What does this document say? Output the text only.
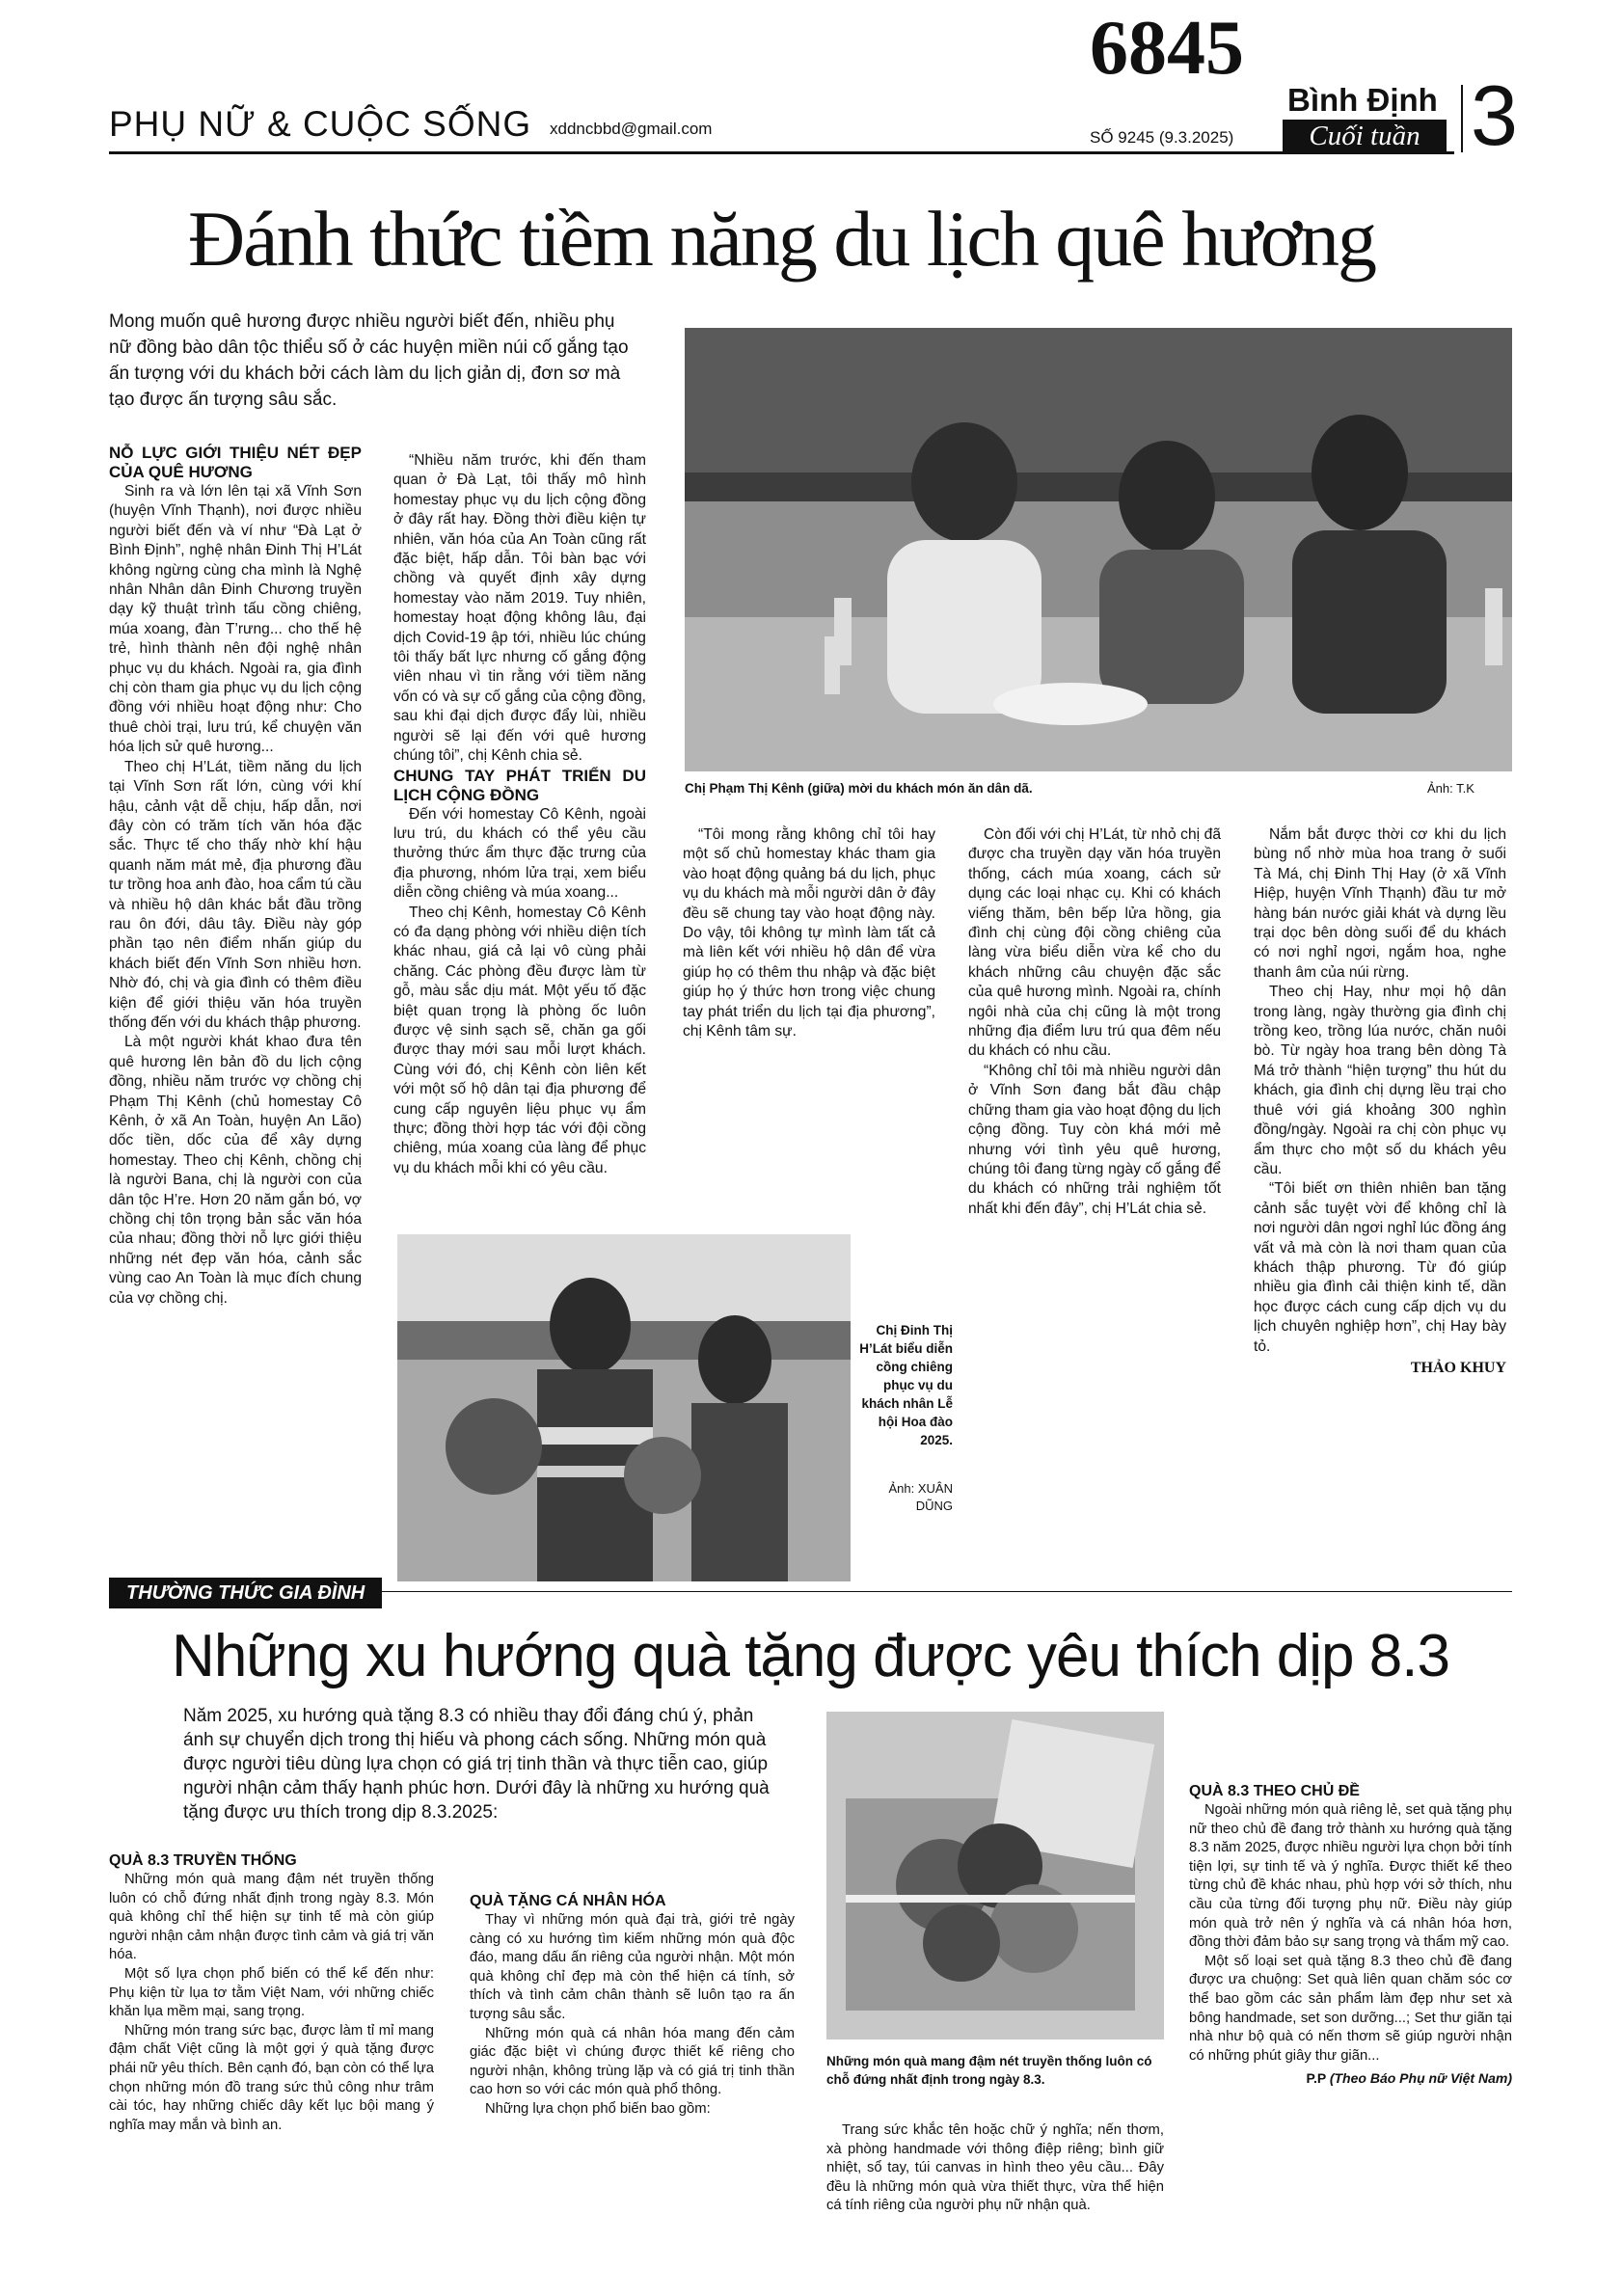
PHỤ NỮ & CUỘC SỐNG xddncbbd@gmail.com
6845
SỐ 9245 (9.3.2025)
Bình Định
Cuối tuần 3
Đánh thức tiềm năng du lịch quê hương
Mong muốn quê hương được nhiều người biết đến, nhiều phụ nữ đồng bào dân tộc thiểu số ở các huyện miền núi cố gắng tạo ấn tượng với du khách bởi cách làm du lịch giản dị, đơn sơ mà tạo được ấn tượng sâu sắc.
Chị Phạm Thị Kênh (giữa) mời du khách món ăn dân dã.	Ảnh: T.K

NỖ LỰC GIỚI THIỆU NÉT ĐẸP CỦA QUÊ HƯƠNG

Sinh ra và lớn lên tại xã Vĩnh Sơn (huyện Vĩnh Thạnh), nơi được nhiều người biết đến và ví như “Đà Lạt ở Bình Định”, nghệ nhân Đinh Thị H’Lát không ngừng cùng cha mình là Nghệ nhân Nhân dân Đinh Chương truyền dạy kỹ thuật trình tấu cồng chiêng, múa xoang, đàn T’rưng... cho thế hệ trẻ, hình thành nên đội nghệ nhân phục vụ du khách. Ngoài ra, gia đình chị còn tham gia phục vụ du lịch cộng đồng với nhiều hoạt động như: Cho thuê chòi trại, lưu trú, kể chuyện văn hóa lịch sử quê hương...

Theo chị H’Lát, tiềm năng du lịch tại Vĩnh Sơn rất lớn, cùng với khí hậu, cảnh vật dễ chịu, hấp dẫn, nơi đây còn có trăm tích văn hóa đặc sắc. Thực tế cho thấy nhờ khí hậu quanh năm mát mẻ, địa phương đầu tư trồng hoa anh đào, hoa cẩm tú cầu và nhiều hộ dân khác bắt đầu trồng rau ôn đới, dâu tây. Điều này góp phần tạo nên điểm nhấn giúp du khách biết đến Vĩnh Sơn nhiều hơn. Nhờ đó, chị và gia đình có thêm điều kiện để giới thiệu văn hóa truyền thống đến với du khách thập phương.

Là một người khát khao đưa tên quê hương lên bản đồ du lịch cộng đồng, nhiều năm trước vợ chồng chị Phạm Thị Kênh (chủ homestay Cô Kênh, ở xã An Toàn, huyện An Lão) dốc tiền, dốc của để xây dựng homestay. Theo chị Kênh, chồng chị là người Bana, chị là người con của dân tộc H’re. Hơn 20 năm gắn bó, vợ chồng chị tôn trọng bản sắc văn hóa của nhau; đồng thời nỗ lực giới thiệu những nét đẹp văn hóa, cảnh sắc vùng cao An Toàn là mục đích chung của vợ chồng chị.

“Nhiều năm trước, khi đến tham quan ở Đà Lạt, tôi thấy mô hình homestay phục vụ du lịch cộng đồng ở đây rất hay. Đồng thời điều kiện tự nhiên, văn hóa của An Toàn cũng rất đặc biệt, hấp dẫn. Tôi bàn bạc với chồng và quyết định xây dựng homestay vào năm 2019. Tuy nhiên, homestay hoạt động không lâu, đại dịch Covid-19 ập tới, nhiều lúc chúng tôi thấy bất lực nhưng cố gắng động viên nhau vì tin rằng với tiềm năng vốn có và sự cố gắng của cộng đồng, sau khi đại dịch được đẩy lùi, nhiều người sẽ lại đến với quê hương chúng tôi”, chị Kênh chia sẻ.

CHUNG TAY PHÁT TRIỂN DU LỊCH CỘNG ĐỒNG

Đến với homestay Cô Kênh, ngoài lưu trú, du khách có thể yêu cầu thưởng thức ẩm thực đặc trưng của địa phương, nhóm lửa trại, xem biểu diễn cồng chiêng và múa xoang...

Theo chị Kênh, homestay Cô Kênh có đa dạng phòng với nhiều diện tích khác nhau, giá cả lại vô cùng phải chăng. Các phòng đều được làm từ gỗ, màu sắc dịu mát. Một yếu tố đặc biệt quan trọng là phòng ốc luôn được vệ sinh sạch sẽ, chăn ga gối được thay mới sau mỗi lượt khách. Cùng với đó, chị Kênh còn liên kết với một số hộ dân tại địa phương để cung cấp nguyên liệu phục vụ ẩm thực; đồng thời hợp tác với đội cồng chiêng, múa xoang của làng để phục vụ du khách mỗi khi có yêu cầu.

Chị Đinh Thị H’Lát biểu diễn cồng chiêng phục vụ du khách nhân Lễ hội Hoa đào 2025.
Ảnh: XUÂN DŨNG

“Tôi mong rằng không chỉ tôi hay một số chủ homestay khác tham gia vào hoạt động quảng bá du lịch, phục vụ du khách mà mỗi người dân ở đây đều sẽ chung tay vào hoạt động này. Do vậy, tôi không tự mình làm tất cả mà liên kết với nhiều hộ dân để vừa giúp họ có thêm thu nhập và đặc biệt giúp họ ý thức hơn trong việc chung tay phát triển du lịch tại địa phương”, chị Kênh tâm sự.

Còn đối với chị H’Lát, từ nhỏ chị đã được cha truyền dạy văn hóa truyền thống, cách múa xoang, cách sử dụng các loại nhạc cụ. Khi có khách viếng thăm, bên bếp lửa hồng, gia đình chị cùng đội cồng chiêng của làng vừa biểu diễn vừa kể cho du khách những câu chuyện đặc sắc của quê hương mình. Ngoài ra, chính ngôi nhà của chị cũng là một trong những địa điểm lưu trú qua đêm nếu du khách có nhu cầu.

“Không chỉ tôi mà nhiều người dân ở Vĩnh Sơn đang bắt đầu chập chững tham gia vào hoạt động du lịch cộng đồng. Tuy còn khá mới mẻ nhưng với tình yêu quê hương, chúng tôi đang từng ngày cố gắng để du khách có những trải nghiệm tốt nhất khi đến đây”, chị H’Lát chia sẻ.

Nắm bắt được thời cơ khi du lịch bùng nổ nhờ mùa hoa trang ở suối Tà Má, chị Đinh Thị Hay (ở xã Vĩnh Hiệp, huyện Vĩnh Thạnh) đầu tư mở hàng bán nước giải khát và dựng lều trại dọc bên dòng suối để du khách có nơi nghỉ ngơi, ngắm hoa, nghe thanh âm của núi rừng.

Theo chị Hay, như mọi hộ dân trong làng, ngày thường gia đình chị trồng keo, trồng lúa nước, chăn nuôi bò. Từ ngày hoa trang bên dòng Tà Má trở thành “hiện tượng” thu hút du khách, gia đình chị dựng lều trại cho thuê với giá khoảng 300 nghìn đồng/ngày. Ngoài ra chị còn phục vụ ẩm thực cho một số du khách yêu cầu.

“Tôi biết ơn thiên nhiên ban tặng cảnh sắc tuyệt vời để không chỉ là nơi người dân ngơi nghỉ lúc đồng áng vất vả mà còn là nơi tham quan của khách thập phương. Từ đó giúp nhiều gia đình cải thiện kinh tế, dần học được cách cung cấp dịch vụ du lịch chuyên nghiệp hơn”, chị Hay bày tỏ.

THẢO KHUY
THƯỜNG THỨC GIA ĐÌNH
Những xu hướng quà tặng được yêu thích dịp 8.3
Năm 2025, xu hướng quà tặng 8.3 có nhiều thay đổi đáng chú ý, phản ánh sự chuyển dịch trong thị hiếu và phong cách sống. Những món quà được người tiêu dùng lựa chọn có giá trị tinh thần và thực tiễn cao, giúp người nhận cảm thấy hạnh phúc hơn. Dưới đây là những xu hướng quà tặng được ưu thích trong dịp 8.3.2025:
Những món quà mang đậm nét truyền thống luôn có chỗ đứng nhất định trong ngày 8.3.

QUÀ 8.3 TRUYỀN THỐNG

Những món quà mang đậm nét truyền thống luôn có chỗ đứng nhất định trong ngày 8.3. Món quà không chỉ thể hiện sự tinh tế mà còn giúp người nhận cảm nhận được tình cảm và giá trị văn hóa.

Một số lựa chọn phổ biến có thể kể đến như: Phụ kiện từ lụa tơ tằm Việt Nam, với những chiếc khăn lụa mềm mại, sang trọng.

Những món trang sức bạc, được làm tỉ mỉ mang đậm chất Việt cũng là một gợi ý quà tặng được phái nữ yêu thích. Bên cạnh đó, bạn còn có thể lựa chọn những món đồ trang sức thủ công như trâm cài tóc, hay những chiếc dây kết lục bội mang ý nghĩa may mắn và bình an.

QUÀ TẶNG CÁ NHÂN HÓA

Thay vì những món quà đại trà, giới trẻ ngày càng có xu hướng tìm kiếm những món quà độc đáo, mang dấu ấn riêng của người nhận. Một món quà không chỉ đẹp mà còn thể hiện cá tính, sở thích và tình cảm chân thành sẽ luôn tạo ra ấn tượng sâu sắc.

Những món quà cá nhân hóa mang đến cảm giác đặc biệt vì chúng được thiết kế riêng cho người nhận, không trùng lặp và có giá trị tinh thần cao hơn so với các món quà phổ thông.

Những lựa chọn phổ biến bao gồm:

Trang sức khắc tên hoặc chữ ý nghĩa; nến thơm, xà phòng handmade với thông điệp riêng; bình giữ nhiệt, sổ tay, túi canvas in hình theo yêu cầu... Đây đều là những món quà vừa thiết thực, vừa thể hiện cá tính riêng của người phụ nữ nhận quà.

QUÀ 8.3 THEO CHỦ ĐỀ

Ngoài những món quà riêng lẻ, set quà tặng phụ nữ theo chủ đề đang trở thành xu hướng quà tặng 8.3 năm 2025, được nhiều người lựa chọn bởi tính tiện lợi, sự tinh tế và ý nghĩa. Được thiết kế theo từng chủ đề khác nhau, phù hợp với sở thích, nhu cầu của từng đối tượng phụ nữ. Điều này giúp món quà trở nên ý nghĩa và cá nhân hóa hơn, đồng thời đảm bảo sự sang trọng và thẩm mỹ cao.

Một số loại set quà tặng 8.3 theo chủ đề đang được ưa chuộng: Set quà liên quan chăm sóc cơ thể bao gồm các sản phẩm làm đẹp như set xà bông handmade, set son dưỡng...; Set thư giãn tại nhà như bộ quà có nến thơm sẽ giúp người nhận có những phút giây thư giãn...

P.P (Theo Báo Phụ nữ Việt Nam)
